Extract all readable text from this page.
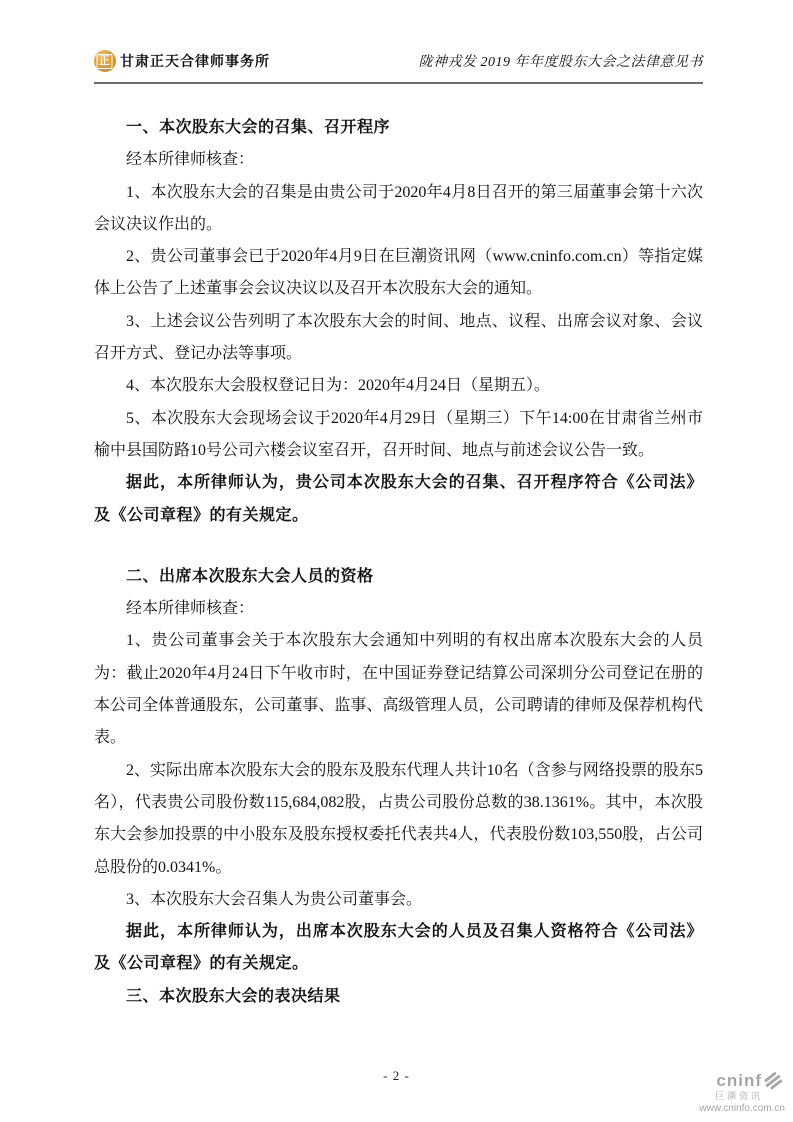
正 甘肃正天合律师事务所	陇神戎发 2019 年年度股东大会之法律意见书
一、本次股东大会的召集、召开程序

经本所律师核查：

1、本次股东大会的召集是由贵公司于2020年4月8日召开的第三届董事会第十六次会议决议作出的。

2、贵公司董事会已于2020年4月9日在巨潮资讯网（www.cninfo.com.cn）等指定媒体上公告了上述董事会会议决议以及召开本次股东大会的通知。

3、上述会议公告列明了本次股东大会的时间、地点、议程、出席会议对象、会议召开方式、登记办法等事项。

4、本次股东大会股权登记日为：2020年4月24日（星期五）。

5、本次股东大会现场会议于2020年4月29日（星期三）下午14:00在甘肃省兰州市榆中县国防路10号公司六楼会议室召开，召开时间、地点与前述会议公告一致。

据此，本所律师认为，贵公司本次股东大会的召集、召开程序符合《公司法》及《公司章程》的有关规定。

二、出席本次股东大会人员的资格

经本所律师核查：

1、贵公司董事会关于本次股东大会通知中列明的有权出席本次股东大会的人员为：截止2020年4月24日下午收市时，在中国证券登记结算公司深圳分公司登记在册的本公司全体普通股东，公司董事、监事、高级管理人员，公司聘请的律师及保荐机构代表。

2、实际出席本次股东大会的股东及股东代理人共计10名（含参与网络投票的股东5名），代表贵公司股份数115,684,082股，占贵公司股份总数的38.1361%。其中，本次股东大会参加投票的中小股东及股东授权委托代表共4人，代表股份数103,550股，占公司总股份的0.0341%。

3、本次股东大会召集人为贵公司董事会。

据此，本所律师认为，出席本次股东大会的人员及召集人资格符合《公司法》及《公司章程》的有关规定。

三、本次股东大会的表决结果
- 2 -	cninf
巨潮资讯
www.cninfo.com.cn
